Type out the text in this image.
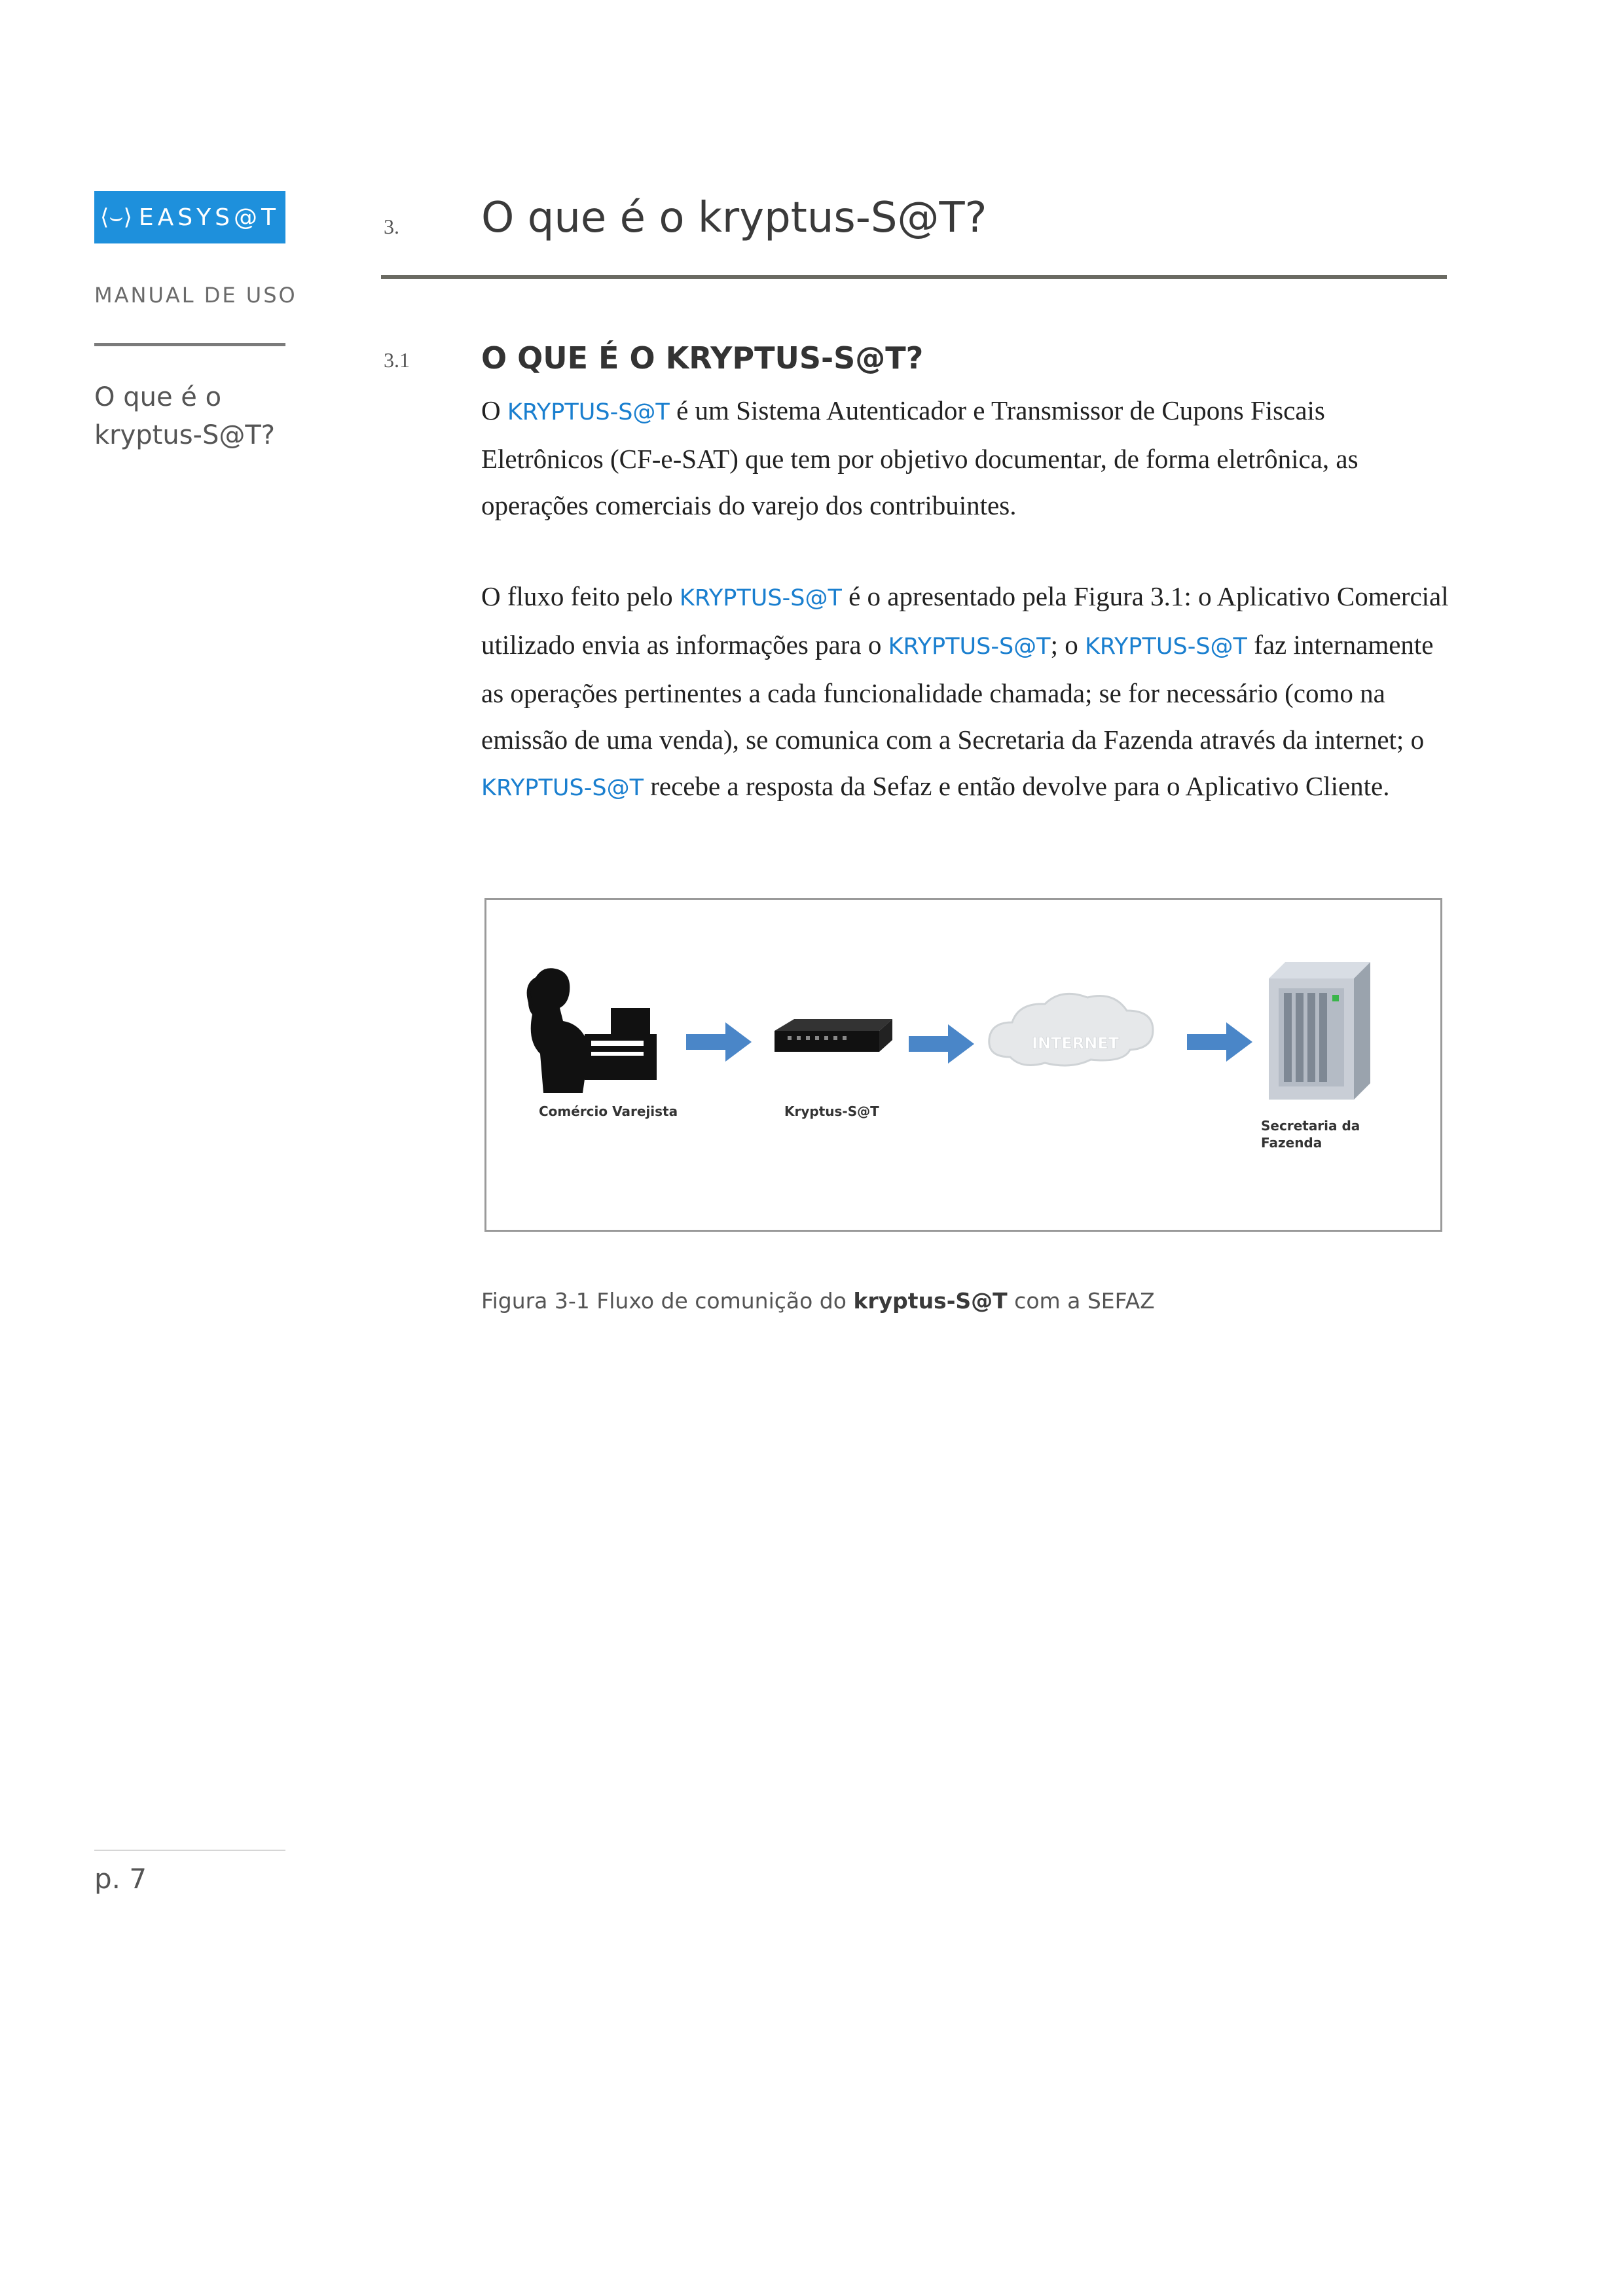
⟨⌣⟩ EASYS@T
MANUAL DE USO
O que é o kryptus-S@T?
p. 7
3. O que é o kryptus-S@T?
3.1 O QUE É O KRYPTUS-S@T?
O KRYPTUS-S@T é um Sistema Autenticador e Transmissor de Cupons Fiscais Eletrônicos (CF-e-SAT) que tem por objetivo documentar, de forma eletrônica, as operações comerciais do varejo dos contribuintes.
O fluxo feito pelo KRYPTUS-S@T é o apresentado pela Figura 3.1: o Aplicativo Comercial utilizado envia as informações para o KRYPTUS-S@T; o KRYPTUS-S@T faz internamente as operações pertinentes a cada funcionalidade chamada; se for necessário (como na emissão de uma venda), se comunica com a Secretaria da Fazenda através da internet; o KRYPTUS-S@T recebe a resposta da Sefaz e então devolve para o Aplicativo Cliente.
Comércio Varejista	Kryptus-S@T
INTERNET
Secretaria da
Fazenda
Figura 3-1 Fluxo de comunição do kryptus-S@T com a SEFAZ
